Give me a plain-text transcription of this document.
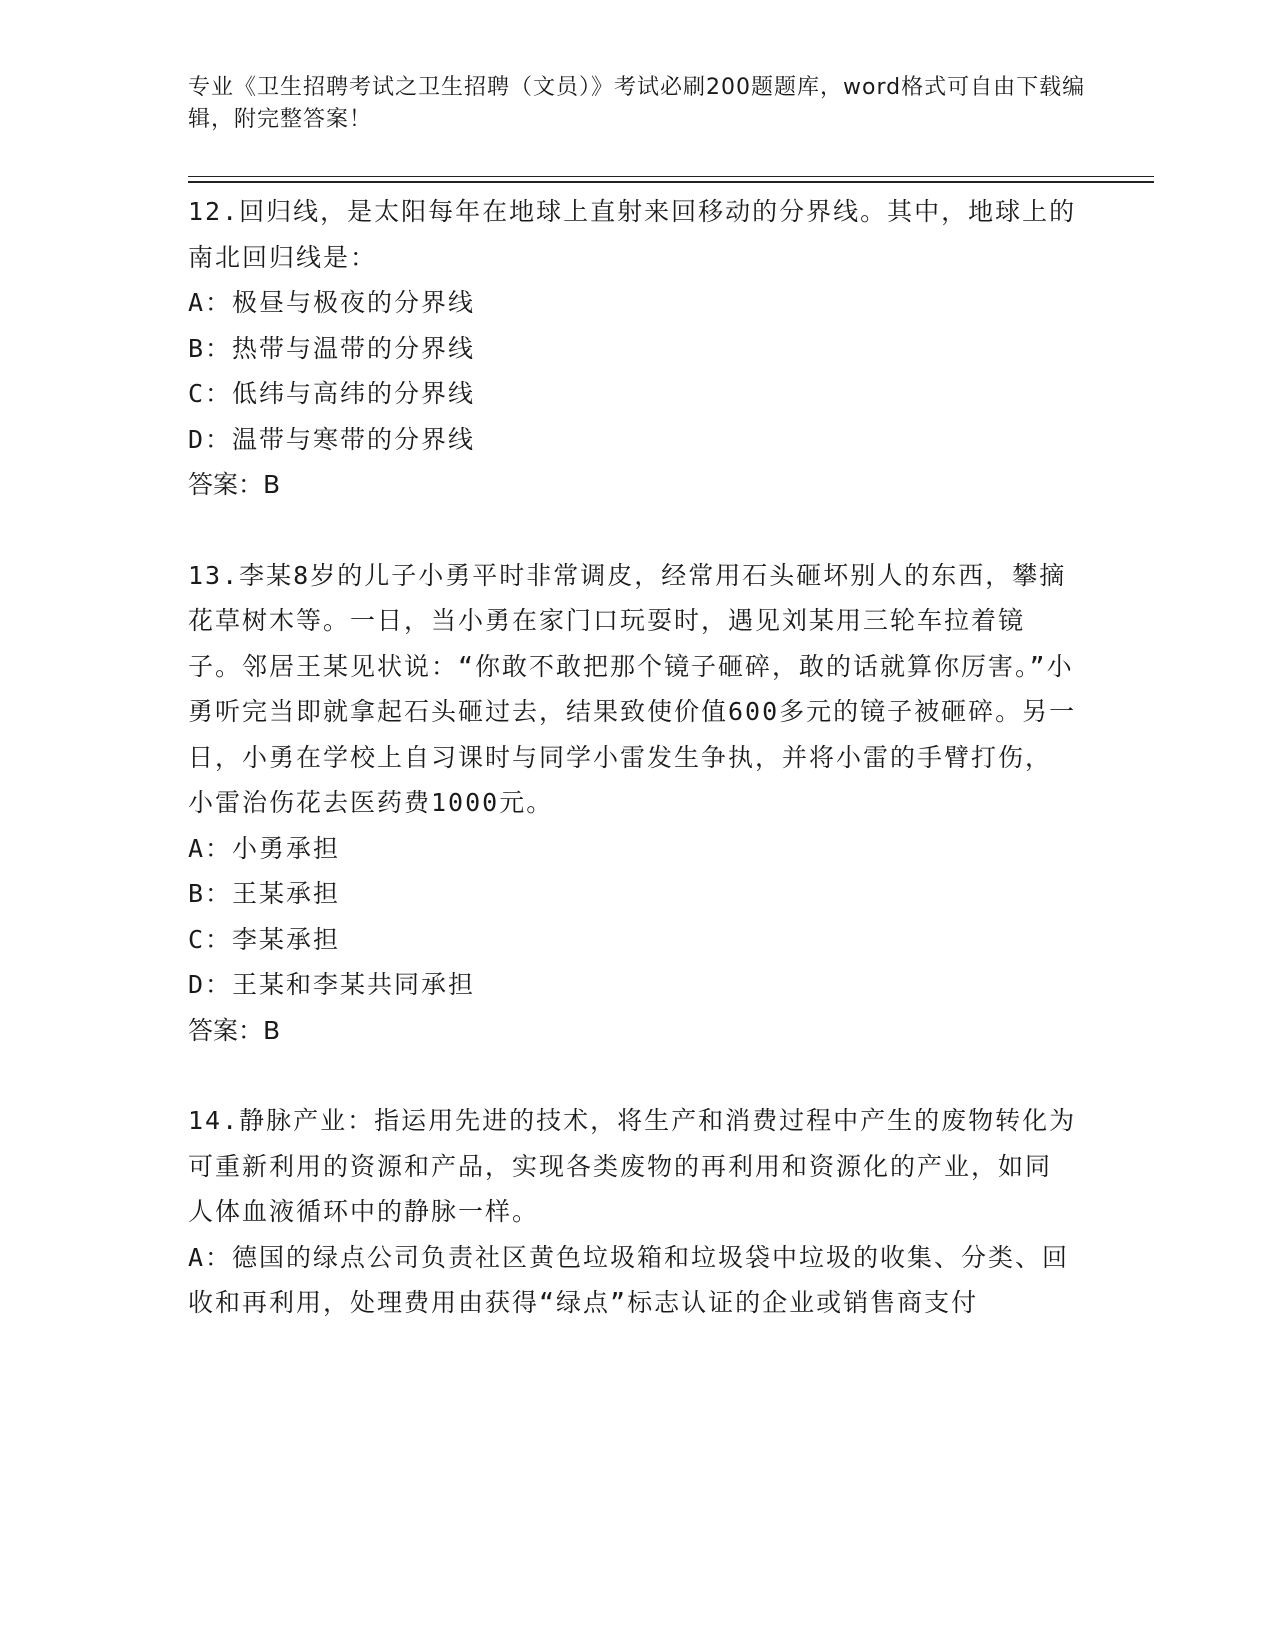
专业《卫生招聘考试之卫生招聘（文员）》考试必刷200题题库，word格式可自由下载编辑，附完整答案！

12.回归线，是太阳每年在地球上直射来回移动的分界线。其中，地球上的南北回归线是：

A：极昼与极夜的分界线

B：热带与温带的分界线

C：低纬与高纬的分界线

D：温带与寒带的分界线

答案：B

13.李某8岁的儿子小勇平时非常调皮，经常用石头砸坏别人的东西，攀摘花草树木等。一日，当小勇在家门口玩耍时，遇见刘某用三轮车拉着镜子。邻居王某见状说：“你敢不敢把那个镜子砸碎，敢的话就算你厉害。”小勇听完当即就拿起石头砸过去，结果致使价值600多元的镜子被砸碎。另一日，小勇在学校上自习课时与同学小雷发生争执，并将小雷的手臂打伤，小雷治伤花去医药费1000元。

A：小勇承担

B：王某承担

C：李某承担

D：王某和李某共同承担

答案：B

14.静脉产业：指运用先进的技术，将生产和消费过程中产生的废物转化为可重新利用的资源和产品，实现各类废物的再利用和资源化的产业，如同人体血液循环中的静脉一样。

A：德国的绿点公司负责社区黄色垃圾箱和垃圾袋中垃圾的收集、分类、回收和再利用，处理费用由获得“绿点”标志认证的企业或销售商支付
